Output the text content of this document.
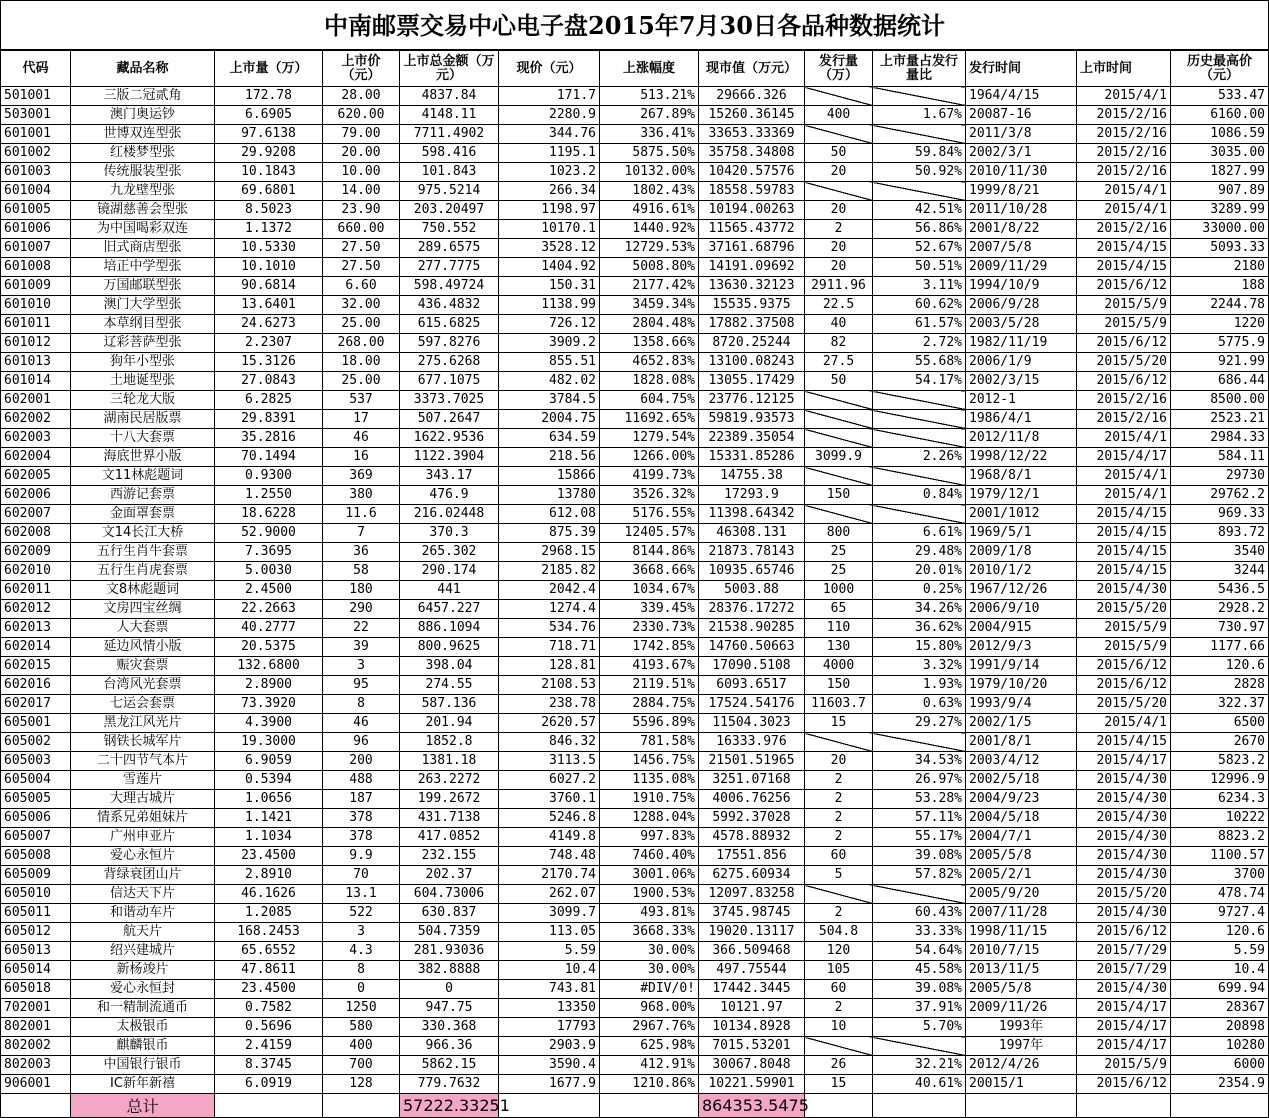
中南邮票交易中心电子盘2015年7月30日各品种数据统计
代码	藏品名称	上市量（万）	上市价（元）	上市总金额（万元）	现价（元）	上涨幅度	现市值（万元）	发行量（万）	上市量占发行量比	发行时间	上市时间	历史最高价（元）
501001	三版二冠贰角	172.78	28.00	4837.84	171.7	513.21%	29666.326			1964/4/15	2015/4/1	533.47
503001	澳门奥运钞	6.6905	620.00	4148.11	2280.9	267.89%	15260.36145	400	1.67%	20087-16	2015/2/16	6160.00
601001	世博双连型张	97.6138	79.00	7711.4902	344.76	336.41%	33653.33369			2011/3/8	2015/2/16	1086.59
601002	红楼梦型张	29.9208	20.00	598.416	1195.1	5875.50%	35758.34808	50	59.84%	2002/3/1	2015/2/16	3035.00
601003	传统服装型张	10.1843	10.00	101.843	1023.2	10132.00%	10420.57576	20	50.92%	2010/11/30	2015/2/16	1827.99
601004	九龙壁型张	69.6801	14.00	975.5214	266.34	1802.43%	18558.59783			1999/8/21	2015/4/1	907.89
601005	镜湖慈善会型张	8.5023	23.90	203.20497	1198.97	4916.61%	10194.00263	20	42.51%	2011/10/28	2015/4/1	3289.99
601006	为中国喝彩双连	1.1372	660.00	750.552	10170.1	1440.92%	11565.43772	2	56.86%	2001/8/22	2015/2/16	33000.00
601007	旧式商店型张	10.5330	27.50	289.6575	3528.12	12729.53%	37161.68796	20	52.67%	2007/5/8	2015/4/15	5093.33
601008	培正中学型张	10.1010	27.50	277.7775	1404.92	5008.80%	14191.09692	20	50.51%	2009/11/29	2015/4/15	2180
601009	万国邮联型张	90.6814	6.60	598.49724	150.31	2177.42%	13630.32123	2911.96	3.11%	1994/10/9	2015/6/12	188
601010	澳门大学型张	13.6401	32.00	436.4832	1138.99	3459.34%	15535.9375	22.5	60.62%	2006/9/28	2015/5/9	2244.78
601011	本草纲目型张	24.6273	25.00	615.6825	726.12	2804.48%	17882.37508	40	61.57%	2003/5/28	2015/5/9	1220
601012	辽彩菩萨型张	2.2307	268.00	597.8276	3909.2	1358.66%	8720.25244	82	2.72%	1982/11/19	2015/6/12	5775.9
601013	狗年小型张	15.3126	18.00	275.6268	855.51	4652.83%	13100.08243	27.5	55.68%	2006/1/9	2015/5/20	921.99
601014	土地诞型张	27.0843	25.00	677.1075	482.02	1828.08%	13055.17429	50	54.17%	2002/3/15	2015/6/12	686.44
602001	三轮龙大版	6.2825	537	3373.7025	3784.5	604.75%	23776.12125			2012-1	2015/2/16	8500.00
602002	湖南民居版票	29.8391	17	507.2647	2004.75	11692.65%	59819.93573			1986/4/1	2015/2/16	2523.21
602003	十八大套票	35.2816	46	1622.9536	634.59	1279.54%	22389.35054			2012/11/8	2015/4/1	2984.33
602004	海底世界小版	70.1494	16	1122.3904	218.56	1266.00%	15331.85286	3099.9	2.26%	1998/12/22	2015/4/17	584.11
602005	文11林彪题词	0.9300	369	343.17	15866	4199.73%	14755.38			1968/8/1	2015/4/1	29730
602006	西游记套票	1.2550	380	476.9	13780	3526.32%	17293.9	150	0.84%	1979/12/1	2015/4/1	29762.2
602007	金面罩套票	18.6228	11.6	216.02448	612.08	5176.55%	11398.64342			2001/1012	2015/4/15	969.33
602008	文14长江大桥	52.9000	7	370.3	875.39	12405.57%	46308.131	800	6.61%	1969/5/1	2015/4/15	893.72
602009	五行生肖牛套票	7.3695	36	265.302	2968.15	8144.86%	21873.78143	25	29.48%	2009/1/8	2015/4/15	3540
602010	五行生肖虎套票	5.0030	58	290.174	2185.82	3668.66%	10935.65746	25	20.01%	2010/1/2	2015/4/15	3244
602011	文8林彪题词	2.4500	180	441	2042.4	1034.67%	5003.88	1000	0.25%	1967/12/26	2015/4/30	5436.5
602012	文房四宝丝绸	22.2663	290	6457.227	1274.4	339.45%	28376.17272	65	34.26%	2006/9/10	2015/5/20	2928.2
602013	人大套票	40.2777	22	886.1094	534.76	2330.73%	21538.90285	110	36.62%	2004/915	2015/5/9	730.97
602014	延边风情小版	20.5375	39	800.9625	718.71	1742.85%	14760.50663	130	15.80%	2012/9/3	2015/5/9	1177.66
602015	赈灾套票	132.6800	3	398.04	128.81	4193.67%	17090.5108	4000	3.32%	1991/9/14	2015/6/12	120.6
602016	台湾风光套票	2.8900	95	274.55	2108.53	2119.51%	6093.6517	150	1.93%	1979/10/20	2015/6/12	2828
602017	七运会套票	73.3920	8	587.136	238.78	2884.75%	17524.54176	11603.7	0.63%	1993/9/4	2015/5/20	322.37
605001	黑龙江风光片	4.3900	46	201.94	2620.57	5596.89%	11504.3023	15	29.27%	2002/1/5	2015/4/1	6500
605002	钢铁长城军片	19.3000	96	1852.8	846.32	781.58%	16333.976			2001/8/1	2015/4/15	2670
605003	二十四节气本片	6.9059	200	1381.18	3113.5	1456.75%	21501.51965	20	34.53%	2003/4/12	2015/4/17	5823.2
605004	雪莲片	0.5394	488	263.2272	6027.2	1135.08%	3251.07168	2	26.97%	2002/5/18	2015/4/30	12996.9
605005	大理古城片	1.0656	187	199.2672	3760.1	1910.75%	4006.76256	2	53.28%	2004/9/23	2015/4/30	6234.3
605006	情系兄弟姐妹片	1.1421	378	431.7138	5246.8	1288.04%	5992.37028	2	57.11%	2004/5/18	2015/4/30	10222
605007	广州申亚片	1.1034	378	417.0852	4149.8	997.83%	4578.88932	2	55.17%	2004/7/1	2015/4/30	8823.2
605008	爱心永恒片	23.4500	9.9	232.155	748.48	7460.40%	17551.856	60	39.08%	2005/5/8	2015/4/30	1100.57
605009	背绿衰团山片	2.8910	70	202.37	2170.74	3001.06%	6275.60934	5	57.82%	2005/2/1	2015/4/30	3700
605010	信达天下片	46.1626	13.1	604.73006	262.07	1900.53%	12097.83258			2005/9/20	2015/5/20	478.74
605011	和谐动车片	1.2085	522	630.837	3099.7	493.81%	3745.98745	2	60.43%	2007/11/28	2015/4/30	9727.4
605012	航天片	168.2453	3	504.7359	113.05	3668.33%	19020.13117	504.8	33.33%	1998/11/15	2015/6/12	120.6
605013	绍兴建城片	65.6552	4.3	281.93036	5.59	30.00%	366.509468	120	54.64%	2010/7/15	2015/7/29	5.59
605014	新杨竣片	47.8611	8	382.8888	10.4	30.00%	497.75544	105	45.58%	2013/11/5	2015/7/29	10.4
605018	爱心永恒封	23.4500	0	0	743.81	#DIV/0!	17442.3445	60	39.08%	2005/5/8	2015/4/30	699.94
702001	和一精制流通币	0.7582	1250	947.75	13350	968.00%	10121.97	2	37.91%	2009/11/26	2015/4/17	28367
802001	太极银币	0.5696	580	330.368	17793	2967.76%	10134.8928	10	5.70%	1993年	2015/4/17	20898
802002	麒麟银币	2.4159	400	966.36	2903.9	625.98%	7015.53201			1997年	2015/4/17	10280
802003	中国银行银币	8.3745	700	5862.15	3590.4	412.91%	30067.8048	26	32.21%	2012/4/26	2015/5/9	6000
906001	IC新年新禧	6.0919	128	779.7632	1677.9	1210.86%	10221.59901	15	40.61%	20015/1	2015/6/12	2354.9
	总计			57222.33251			864353.5475					
